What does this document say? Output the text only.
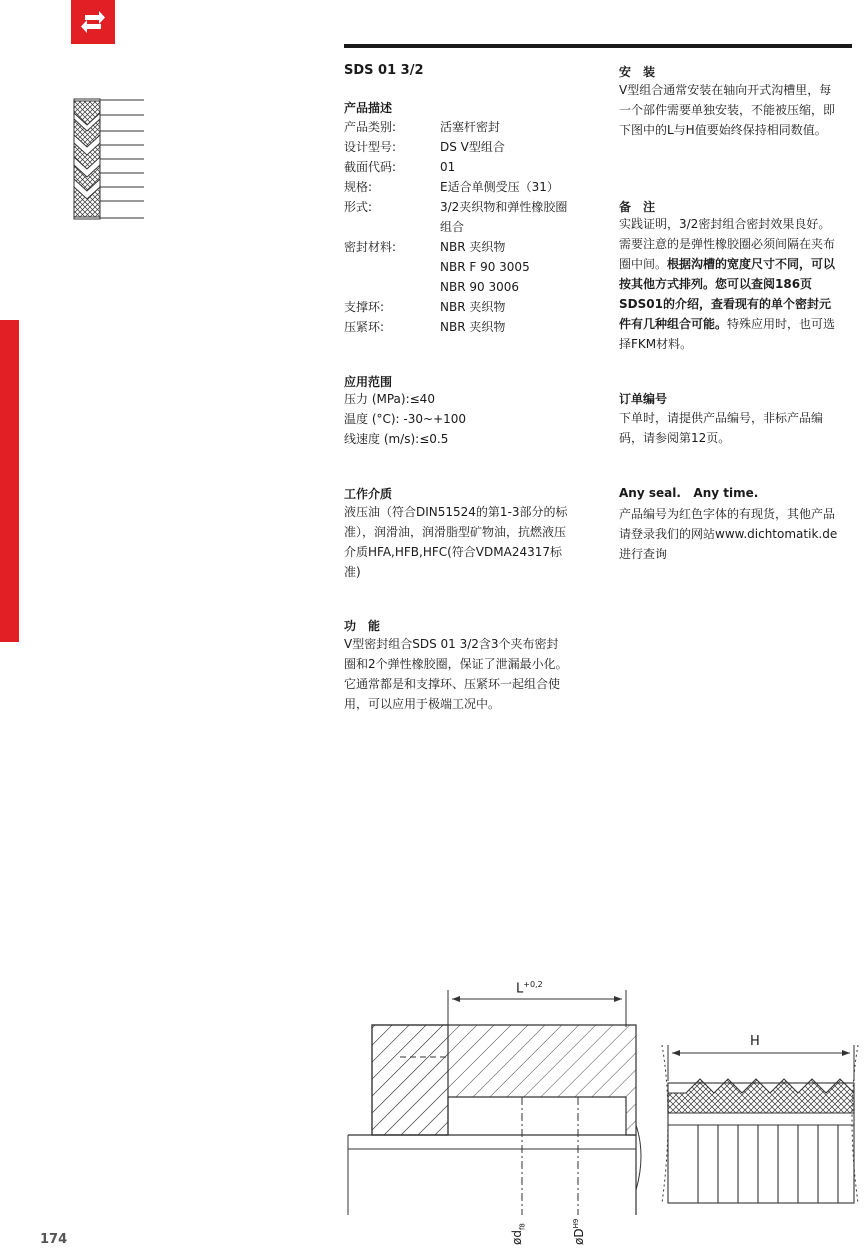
SDS 01 3/2
产品描述
产品类别:	活塞杆密封
设计型号:	DS V型组合
截面代码:	01
规格:	E适合单侧受压（31）
形式:	3/2夹织物和弹性橡胶圈组合
密封材料:	NBR 夹织物
NBR F 90 3005
NBR 90 3006
支撑环:	NBR 夹织物
压紧环:	NBR 夹织物
应用范围
压力 (MPa):≤40
温度 (°C): -30~+100
线速度 (m/s):≤0.5
工作介质
液压油（符合DIN51524的第1-3部分的标准），润滑油，润滑脂型矿物油，抗燃液压介质HFA,HFB,HFC(符合VDMA24317标准)
功　能
V型密封组合SDS 01 3/2含3个夹布密封圈和2个弹性橡胶圈，保证了泄漏最小化。它通常都是和支撑环、压紧环一起组合使用，可以应用于极端工况中。
安　装
V型组合通常安装在轴向开式沟槽里，每一个部件需要单独安装，不能被压缩，即下图中的L与H值要始终保持相同数值。
备　注
实践证明，3/2密封组合密封效果良好。需要注意的是弹性橡胶圈必须间隔在夹布圈中间。根据沟槽的宽度尺寸不同，可以按其他方式排列。您可以查阅186页SDS01的介绍，查看现有的单个密封元件有几种组合可能。特殊应用时，也可选择FKM材料。
订单编号
下单时，请提供产品编号，非标产品编码，请参阅第12页。
Any seal.   Any time.
产品编号为红色字体的有现货，其他产品请登录我们的网站www.dichtomatik.de进行查询
$L^{+0,2}$
H
$ød_{f8}$
$øD^{H9}$
174
